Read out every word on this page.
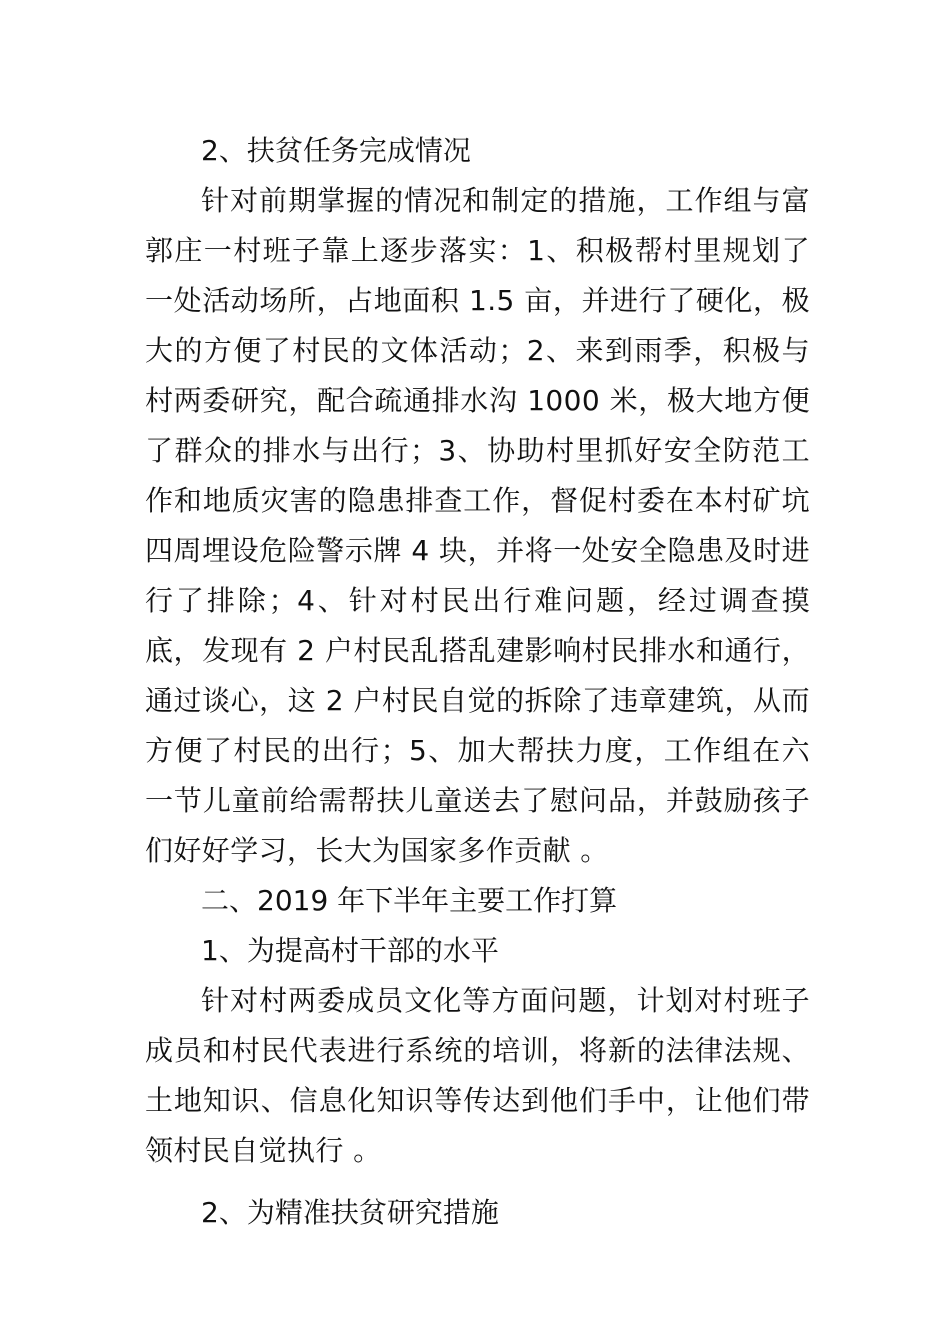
2、扶贫任务完成情况

针对前期掌握的情况和制定的措施，工作组与富郭庄一村班子靠上逐步落实：1、积极帮村里规划了一处活动场所，占地面积 1.5 亩，并进行了硬化，极大的方便了村民的文体活动；2、来到雨季，积极与村两委研究，配合疏通排水沟 1000 米，极大地方便了群众的排水与出行；3、协助村里抓好安全防范工作和地质灾害的隐患排查工作，督促村委在本村矿坑四周埋设危险警示牌 4 块，并将一处安全隐患及时进行了排除；4、针对村民出行难问题，经过调查摸底，发现有 2 户村民乱搭乱建影响村民排水和通行，通过谈心，这 2 户村民自觉的拆除了违章建筑，从而方便了村民的出行；5、加大帮扶力度，工作组在六一节儿童前给需帮扶儿童送去了慰问品，并鼓励孩子们好好学习，长大为国家多作贡献 。

二、2019 年下半年主要工作打算

1、为提高村干部的水平

针对村两委成员文化等方面问题，计划对村班子成员和村民代表进行系统的培训，将新的法律法规、土地知识、信息化知识等传达到他们手中，让他们带领村民自觉执行 。

2、为精准扶贫研究措施
